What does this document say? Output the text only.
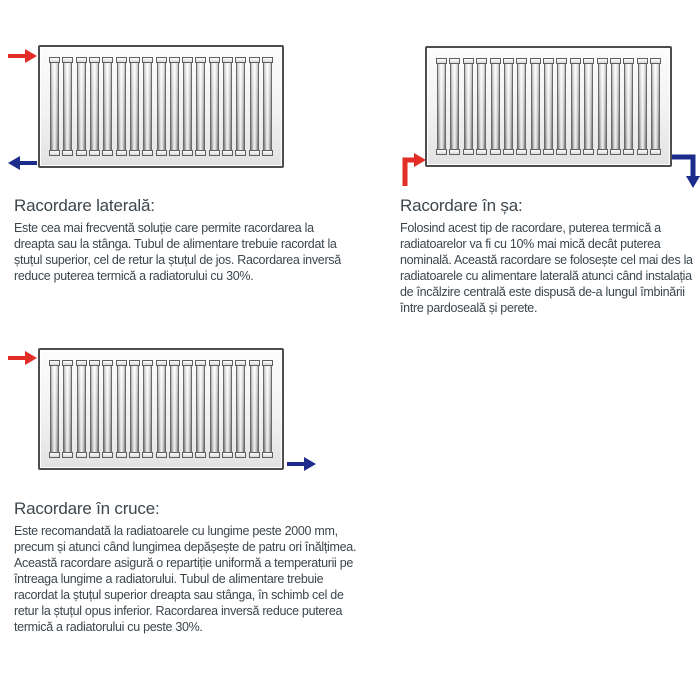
Racordare laterală:

Este cea mai frecventă soluție care permite racordarea la dreapta sau la stânga. Tubul de alimentare trebuie racordat la ștuțul superior, cel de retur la ștuțul de jos. Racordarea inversă reduce puterea termică a radiatorului cu 30%.

Racordare în șa:

Folosind acest tip de racordare, puterea termică a radiatoarelor va fi cu 10% mai mică decât puterea nominală. Această racordare se folosește cel mai des la radiatoarele cu alimentare laterală atunci când instalația de încălzire centrală este dispusă de-a lungul îmbinării între pardoseală și perete.

Racordare în cruce:

Este recomandată la radiatoarele cu lungime peste 2000 mm, precum și atunci când lungimea depășește de patru ori înălțimea. Această racordare asigură o repartiție uniformă a temperaturii pe întreaga lungime a radiatorului. Tubul de alimentare trebuie racordat la ștuțul superior dreapta sau stânga, în schimb cel de retur la ștuțul opus inferior. Racordarea inversă reduce puterea termică a radiatorului cu peste 30%.
